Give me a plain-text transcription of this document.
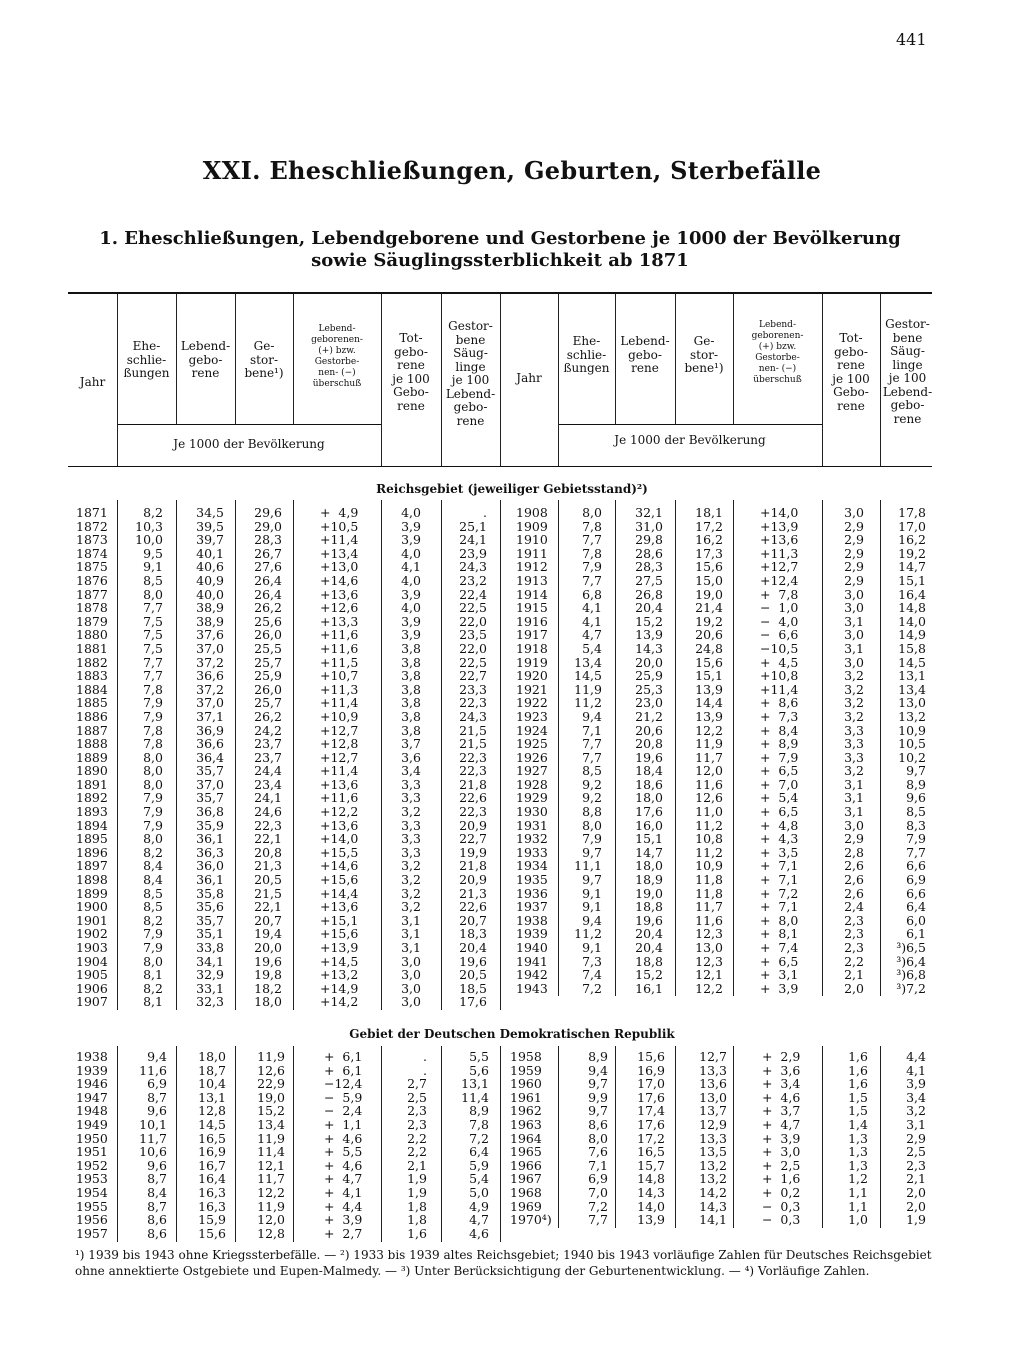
441
XXI. Eheschließungen, Geburten, Sterbefälle
1. Eheschließungen, Lebendgeborene und Gestorbene je 1000 der Bevölkerung
sowie Säuglingssterblichkeit ab 1871
Jahr
Ehe-
schlie-
ßungen
Lebend-
gebo-
rene
Ge-
stor-
bene¹)
Lebend-
geborenen-
(+) bzw.
Gestorbe-
nen- (−)
überschuß
Tot-
gebo-
rene
je 100
Gebo-
rene
Gestor-
bene
Säug-
linge
je 100
Lebend-
gebo-
rene
Je 1000 der Bevölkerung
Jahr
Ehe-
schlie-
ßungen
Lebend-
gebo-
rene
Ge-
stor-
bene¹)
Lebend-
geborenen-
(+) bzw.
Gestorbe-
nen- (−)
überschuß
Tot-
gebo-
rene
je 100
Gebo-
rene
Gestor-
bene
Säug-
linge
je 100
Lebend-
gebo-
rene
Je 1000 der Bevölkerung
Reichsgebiet (jeweiliger Gebietsstand)²)
1871
1872
1873
1874
1875
1876
1877
1878
1879
1880
1881
1882
1883
1884
1885
1886
1887
1888
1889
1890
1891
1892
1893
1894
1895
1896
1897
1898
1899
1900
1901
1902
1903
1904
1905
1906
1907
8,2
10,3
10,0
9,5
9,1
8,5
8,0
7,7
7,5
7,5
7,5
7,7
7,7
7,8
7,9
7,9
7,8
7,8
8,0
8,0
8,0
7,9
7,9
7,9
8,0
8,2
8,4
8,4
8,5
8,5
8,2
7,9
7,9
8,0
8,1
8,2
8,1
34,5
39,5
39,7
40,1
40,6
40,9
40,0
38,9
38,9
37,6
37,0
37,2
36,6
37,2
37,0
37,1
36,9
36,6
36,4
35,7
37,0
35,7
36,8
35,9
36,1
36,3
36,0
36,1
35,8
35,6
35,7
35,1
33,8
34,1
32,9
33,1
32,3
29,6
29,0
28,3
26,7
27,6
26,4
26,4
26,2
25,6
26,0
25,5
25,7
25,9
26,0
25,7
26,2
24,2
23,7
23,7
24,4
23,4
24,1
24,6
22,3
22,1
20,8
21,3
20,5
21,5
22,1
20,7
19,4
20,0
19,6
19,8
18,2
18,0
+  4,9
+10,5
+11,4
+13,4
+13,0
+14,6
+13,6
+12,6
+13,3
+11,6
+11,6
+11,5
+10,7
+11,3
+11,4
+10,9
+12,7
+12,8
+12,7
+11,4
+13,6
+11,6
+12,2
+13,6
+14,0
+15,5
+14,6
+15,6
+14,4
+13,6
+15,1
+15,6
+13,9
+14,5
+13,2
+14,9
+14,2
4,0
3,9
3,9
4,0
4,1
4,0
3,9
4,0
3,9
3,9
3,8
3,8
3,8
3,8
3,8
3,8
3,8
3,7
3,6
3,4
3,3
3,3
3,2
3,3
3,3
3,3
3,2
3,2
3,2
3,2
3,1
3,1
3,1
3,0
3,0
3,0
3,0
.
25,1
24,1
23,9
24,3
23,2
22,4
22,5
22,0
23,5
22,0
22,5
22,7
23,3
22,3
24,3
21,5
21,5
22,3
22,3
21,8
22,6
22,3
20,9
22,7
19,9
21,8
20,9
21,3
22,6
20,7
18,3
20,4
19,6
20,5
18,5
17,6
1908
1909
1910
1911
1912
1913
1914
1915
1916
1917
1918
1919
1920
1921
1922
1923
1924
1925
1926
1927
1928
1929
1930
1931
1932
1933
1934
1935
1936
1937
1938
1939
1940
1941
1942
1943
8,0
7,8
7,7
7,8
7,9
7,7
6,8
4,1
4,1
4,7
5,4
13,4
14,5
11,9
11,2
9,4
7,1
7,7
7,7
8,5
9,2
9,2
8,8
8,0
7,9
9,7
11,1
9,7
9,1
9,1
9,4
11,2
9,1
7,3
7,4
7,2
32,1
31,0
29,8
28,6
28,3
27,5
26,8
20,4
15,2
13,9
14,3
20,0
25,9
25,3
23,0
21,2
20,6
20,8
19,6
18,4
18,6
18,0
17,6
16,0
15,1
14,7
18,0
18,9
19,0
18,8
19,6
20,4
20,4
18,8
15,2
16,1
18,1
17,2
16,2
17,3
15,6
15,0
19,0
21,4
19,2
20,6
24,8
15,6
15,1
13,9
14,4
13,9
12,2
11,9
11,7
12,0
11,6
12,6
11,0
11,2
10,8
11,2
10,9
11,8
11,8
11,7
11,6
12,3
13,0
12,3
12,1
12,2
+14,0
+13,9
+13,6
+11,3
+12,7
+12,4
+  7,8
−  1,0
−  4,0
−  6,6
−10,5
+  4,5
+10,8
+11,4
+  8,6
+  7,3
+  8,4
+  8,9
+  7,9
+  6,5
+  7,0
+  5,4
+  6,5
+  4,8
+  4,3
+  3,5
+  7,1
+  7,1
+  7,2
+  7,1
+  8,0
+  8,1
+  7,4
+  6,5
+  3,1
+  3,9
3,0
2,9
2,9
2,9
2,9
2,9
3,0
3,0
3,1
3,0
3,1
3,0
3,2
3,2
3,2
3,2
3,3
3,3
3,3
3,2
3,1
3,1
3,1
3,0
2,9
2,8
2,6
2,6
2,6
2,4
2,3
2,3
2,3
2,2
2,1
2,0
17,8
17,0
16,2
19,2
14,7
15,1
16,4
14,8
14,0
14,9
15,8
14,5
13,1
13,4
13,0
13,2
10,9
10,5
10,2
9,7
8,9
9,6
8,5
8,3
7,9
7,7
6,6
6,9
6,6
6,4
6,0
6,1
³)6,5
³)6,4
³)6,8
³)7,2
Gebiet der Deutschen Demokratischen Republik
1938
1939
1946
1947
1948
1949
1950
1951
1952
1953
1954
1955
1956
1957
9,4
11,6
6,9
8,7
9,6
10,1
11,7
10,6
9,6
8,7
8,4
8,7
8,6
8,6
18,0
18,7
10,4
13,1
12,8
14,5
16,5
16,9
16,7
16,4
16,3
16,3
15,9
15,6
11,9
12,6
22,9
19,0
15,2
13,4
11,9
11,4
12,1
11,7
12,2
11,9
12,0
12,8
+  6,1
+  6,1
−12,4
−  5,9
−  2,4
+  1,1
+  4,6
+  5,5
+  4,6
+  4,7
+  4,1
+  4,4
+  3,9
+  2,7
.
.
2,7
2,5
2,3
2,3
2,2
2,2
2,1
1,9
1,9
1,8
1,8
1,6
5,5
5,6
13,1
11,4
8,9
7,8
7,2
6,4
5,9
5,4
5,0
4,9
4,7
4,6
1958
1959
1960
1961
1962
1963
1964
1965
1966
1967
1968
1969
1970⁴)
8,9
9,4
9,7
9,9
9,7
8,6
8,0
7,6
7,1
6,9
7,0
7,2
7,7
15,6
16,9
17,0
17,6
17,4
17,6
17,2
16,5
15,7
14,8
14,3
14,0
13,9
12,7
13,3
13,6
13,0
13,7
12,9
13,3
13,5
13,2
13,2
14,2
14,3
14,1
+  2,9
+  3,6
+  3,4
+  4,6
+  3,7
+  4,7
+  3,9
+  3,0
+  2,5
+  1,6
+  0,2
−  0,3
−  0,3
1,6
1,6
1,6
1,5
1,5
1,4
1,3
1,3
1,3
1,2
1,1
1,1
1,0
4,4
4,1
3,9
3,4
3,2
3,1
2,9
2,5
2,3
2,1
2,0
2,0
1,9
¹) 1939 bis 1943 ohne Kriegssterbefälle. — ²) 1933 bis 1939 altes Reichsgebiet; 1940 bis 1943 vorläufige Zahlen für Deutsches Reichsgebiet ohne annektierte Ostgebiete und Eupen-Malmedy. — ³) Unter Berücksichtigung der Geburtenentwicklung. — ⁴) Vorläufige Zahlen.
